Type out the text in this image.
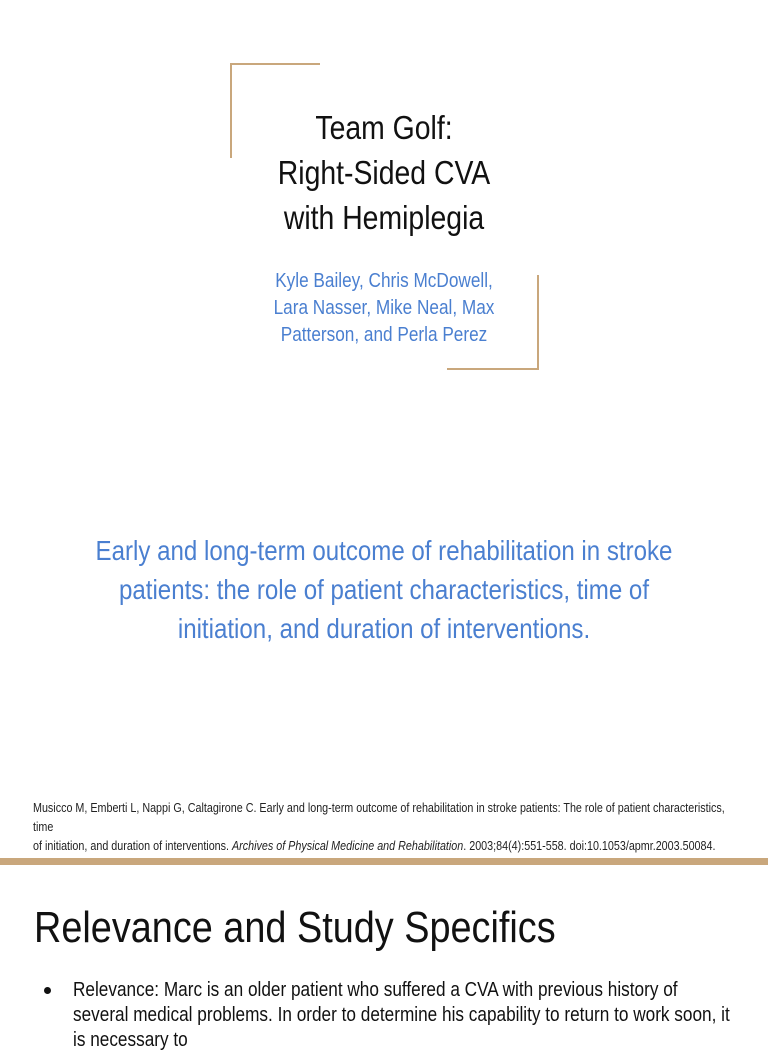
Team Golf:
Right-Sided CVA
with Hemiplegia
Kyle Bailey, Chris McDowell,
Lara Nasser, Mike Neal, Max
Patterson, and Perla Perez
Early and long-term outcome of rehabilitation in stroke
patients: the role of patient characteristics, time of
initiation, and duration of interventions.
Musicco M, Emberti L, Nappi G, Caltagirone C. Early and long-term outcome of rehabilitation in stroke patients: The role of patient characteristics, time
of initiation, and duration of interventions. Archives of Physical Medicine and Rehabilitation. 2003;84(4):551-558. doi:10.1053/apmr.2003.50084.
Relevance and Study Specifics
Relevance: Marc is an older patient who suffered a CVA with previous history of several medical problems. In order to determine his capability to return to work soon, it is necessary to
